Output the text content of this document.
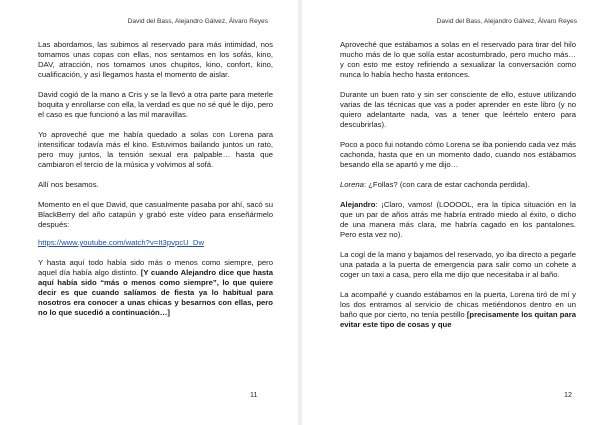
David del Bass, Alejandro Gálvez, Álvaro Reyes

Las abordamos, las subimos al reservado para más intimidad, nos tomamos unas copas con ellas, nos sentamos en los sofás, kino, DAV, atracción, nos tomamos unos chupitos, kino, confort, kino, cualificación, y así llegamos hasta el momento de aislar.

David cogió de la mano a Cris y se la llevó a otra parte para meterle boquita y enrollarse con ella, la verdad es que no sé qué le dijo, pero el caso es que funcionó a las mil maravillas.

Yo aproveché que me había quedado a solas con Lorena para intensificar todavía más el kino. Estuvimos bailando juntos un rato, pero muy juntos, la tensión sexual era palpable… hasta que cambiaron el tercio de la música y volvimos al sofá.

Allí nos besamos.

Momento en el que David, que casualmente pasaba por ahí, sacó su BlackBerry del año catapún y grabó este vídeo para enseñármelo después:

https://www.youtube.com/watch?v=It3pvpcU_Dw

Y hasta aquí todo había sido más o menos como siempre, pero aquel día había algo distinto. [Y cuando Alejandro dice que hasta aquí había sido “más o menos como siempre”, lo que quiere decir es que cuando salíamos de fiesta ya lo habitual para nosotros era conocer a unas chicas y besarnos con ellas, pero no lo que sucedió a continuación…]

11
David del Bass, Alejandro Gálvez, Álvaro Reyes

Aproveché que estábamos a solas en el reservado para tirar del hilo mucho más de lo que solía estar acostumbrado, pero mucho más… y con esto me estoy refiriendo a sexualizar la conversación como nunca lo había hecho hasta entonces.

Durante un buen rato y sin ser consciente de ello, estuve utilizando varias de las técnicas que vas a poder aprender en este libro (y no quiero adelantarte nada, vas a tener que leértelo entero para descubrirlas).

Poco a poco fui notando cómo Lorena se iba poniendo cada vez más cachonda, hasta que en un momento dado, cuando nos estábamos besando ella se apartó y me dijo…

Lorena: ¿Follas? (con cara de estar cachonda perdida).

Alejandro: ¡Claro, vamos! (LOOOOL, era la típica situación en la que un par de años atrás me habría entrado miedo al éxito, o dicho de una manera más clara, me habría cagado en los pantalones. Pero esta vez no).

La cogí de la mano y bajamos del reservado, yo iba directo a pegarle una patada a la puerta de emergencia para salir como un cohete a coger un taxi a casa, pero ella me dijo que necesitaba ir al baño.

La acompañé y cuando estábamos en la puerta, Lorena tiró de mí y los dos entramos al servicio de chicas metiéndonos dentro en un baño que por cierto, no tenía pestillo [precisamente los quitan para evitar este tipo de cosas y que

12
